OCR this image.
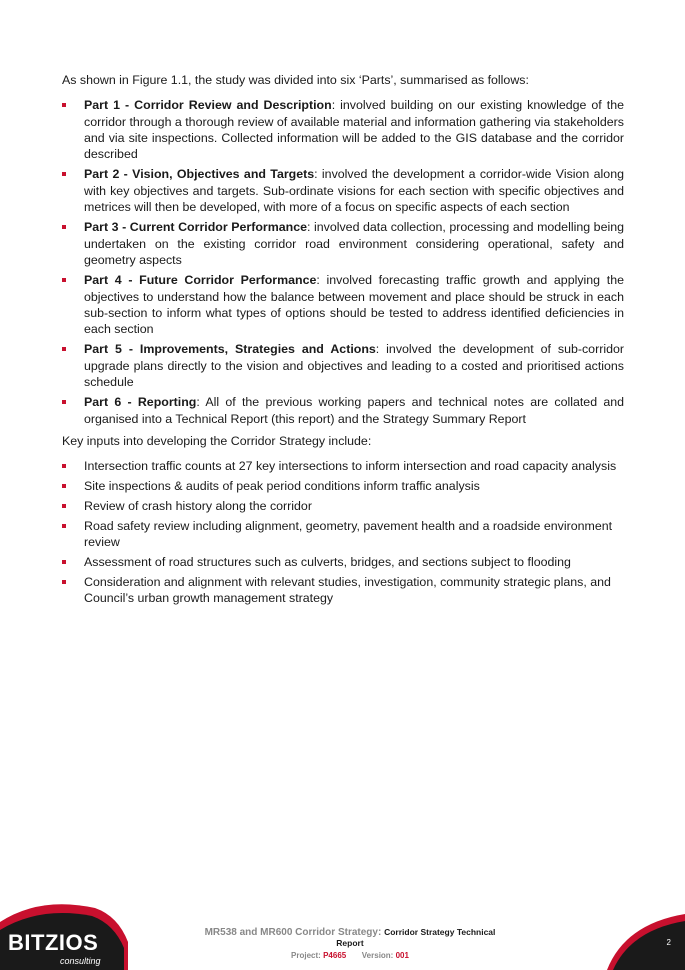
As shown in Figure 1.1, the study was divided into six ‘Parts’, summarised as follows:

Part 1 - Corridor Review and Description: involved building on our existing knowledge of the corridor through a thorough review of available material and information gathering via stakeholders and via site inspections. Collected information will be added to the GIS database and the corridor described
Part 2 - Vision, Objectives and Targets: involved the development a corridor-wide Vision along with key objectives and targets. Sub-ordinate visions for each section with specific objectives and metrices will then be developed, with more of a focus on specific aspects of each section
Part 3 - Current Corridor Performance: involved data collection, processing and modelling being undertaken on the existing corridor road environment considering operational, safety and geometry aspects
Part 4 - Future Corridor Performance: involved forecasting traffic growth and applying the objectives to understand how the balance between movement and place should be struck in each sub-section to inform what types of options should be tested to address identified deficiencies in each section
Part 5 - Improvements, Strategies and Actions: involved the development of sub-corridor upgrade plans directly to the vision and objectives and leading to a costed and prioritised actions schedule
Part 6 - Reporting: All of the previous working papers and technical notes are collated and organised into a Technical Report (this report) and the Strategy Summary Report

Key inputs into developing the Corridor Strategy include:

Intersection traffic counts at 27 key intersections to inform intersection and road capacity analysis
Site inspections & audits of peak period conditions inform traffic analysis
Review of crash history along the corridor
Road safety review including alignment, geometry, pavement health and a roadside environment review
Assessment of road structures such as culverts, bridges, and sections subject to flooding
Consideration and alignment with relevant studies, investigation, community strategic plans, and Council’s urban growth management strategy
BITZIOS
consulting
MR538 and MR600 Corridor Strategy: Corridor Strategy Technical Report
Project: P4665 Version: 001
2
